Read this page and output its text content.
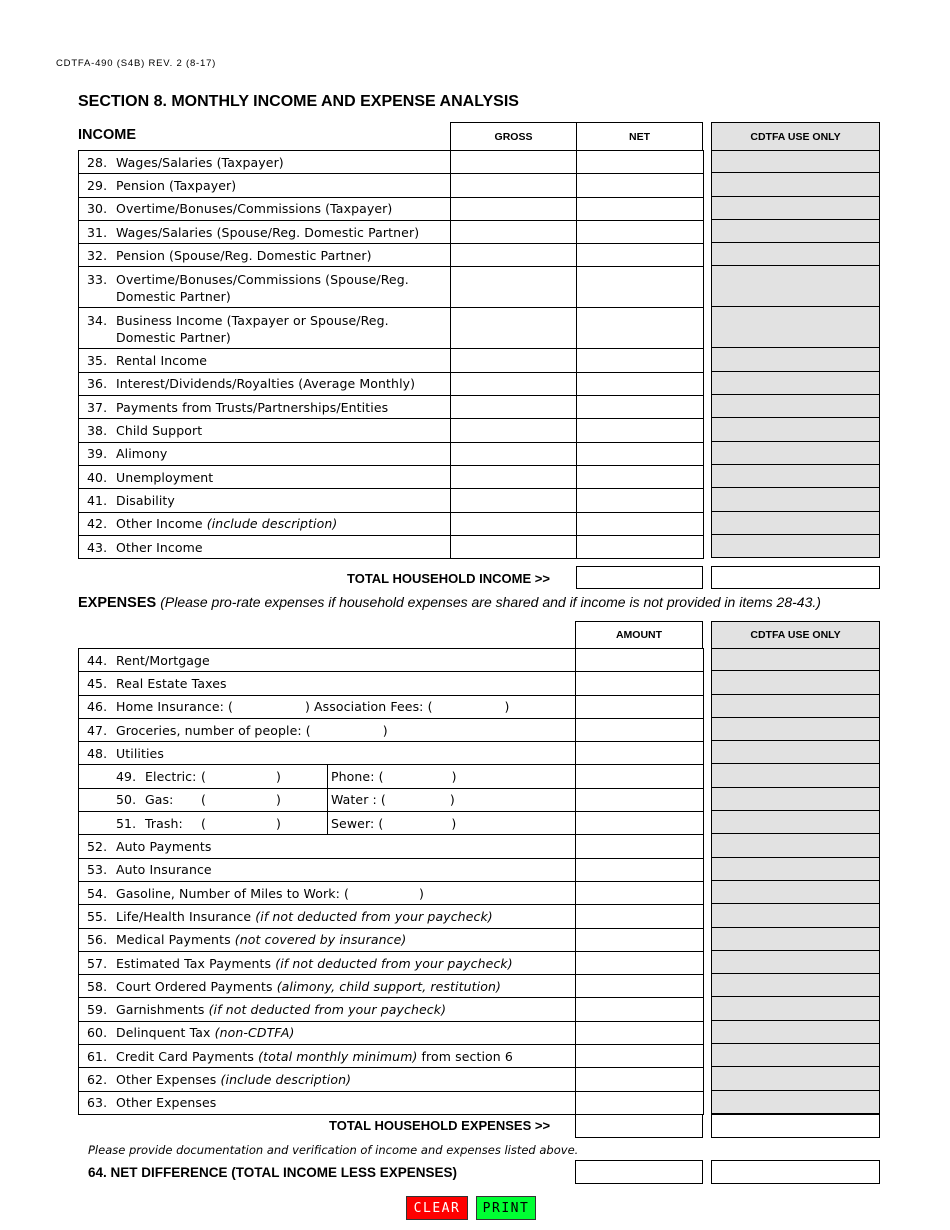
CDTFA-490 (S4B) REV. 2 (8-17)
SECTION 8. MONTHLY INCOME AND EXPENSE ANALYSIS
INCOME	GROSS	NET	CDTFA USE ONLY
28. Wages/Salaries (Taxpayer)		
29. Pension (Taxpayer)		
30. Overtime/Bonuses/Commissions (Taxpayer)		
31. Wages/Salaries (Spouse/Reg. Domestic Partner)		
32. Pension (Spouse/Reg. Domestic Partner)		
33. Overtime/Bonuses/Commissions (Spouse/Reg.
Domestic Partner)		

34. Business Income (Taxpayer or Spouse/Reg.
Domestic Partner)		

35. Rental Income		
36. Interest/Dividends/Royalties (Average Monthly)		
37. Payments from Trusts/Partnerships/Entities		
38. Child Support		
39. Alimony		
40. Unemployment		
41. Disability		
42. Other Income (include description)		
43. Other Income		
TOTAL HOUSEHOLD INCOME >>
EXPENSES (Please pro-rate expenses if household expenses are shared and if income is not provided in items 28-43.)
AMOUNT	CDTFA USE ONLY
44. Rent/Mortgage		
45. Real Estate Taxes		
46. Home Insurance: ( ) Association Fees: ( )		
47. Groceries, number of people: ( )		
48. Utilities		
49. Electric: ( )	Phone: ( )	
50. Gas: ( )	Water : ( )	
51. Trash: ( )	Sewer: ( )	
52. Auto Payments		
53. Auto Insurance		
54. Gasoline, Number of Miles to Work: ( )		
55. Life/Health Insurance (if not deducted from your paycheck)		
56. Medical Payments (not covered by insurance)		
57. Estimated Tax Payments (if not deducted from your paycheck)		
58. Court Ordered Payments (alimony, child support, restitution)		
59. Garnishments (if not deducted from your paycheck)		
60. Delinquent Tax (non-CDTFA)		
61. Credit Card Payments (total monthly minimum) from section 6		
62. Other Expenses (include description)		
63. Other Expenses		
TOTAL HOUSEHOLD EXPENSES >>
Please provide documentation and verification of income and expenses listed above.
64. NET DIFFERENCE (TOTAL INCOME LESS EXPENSES)
CLEAR	PRINT
